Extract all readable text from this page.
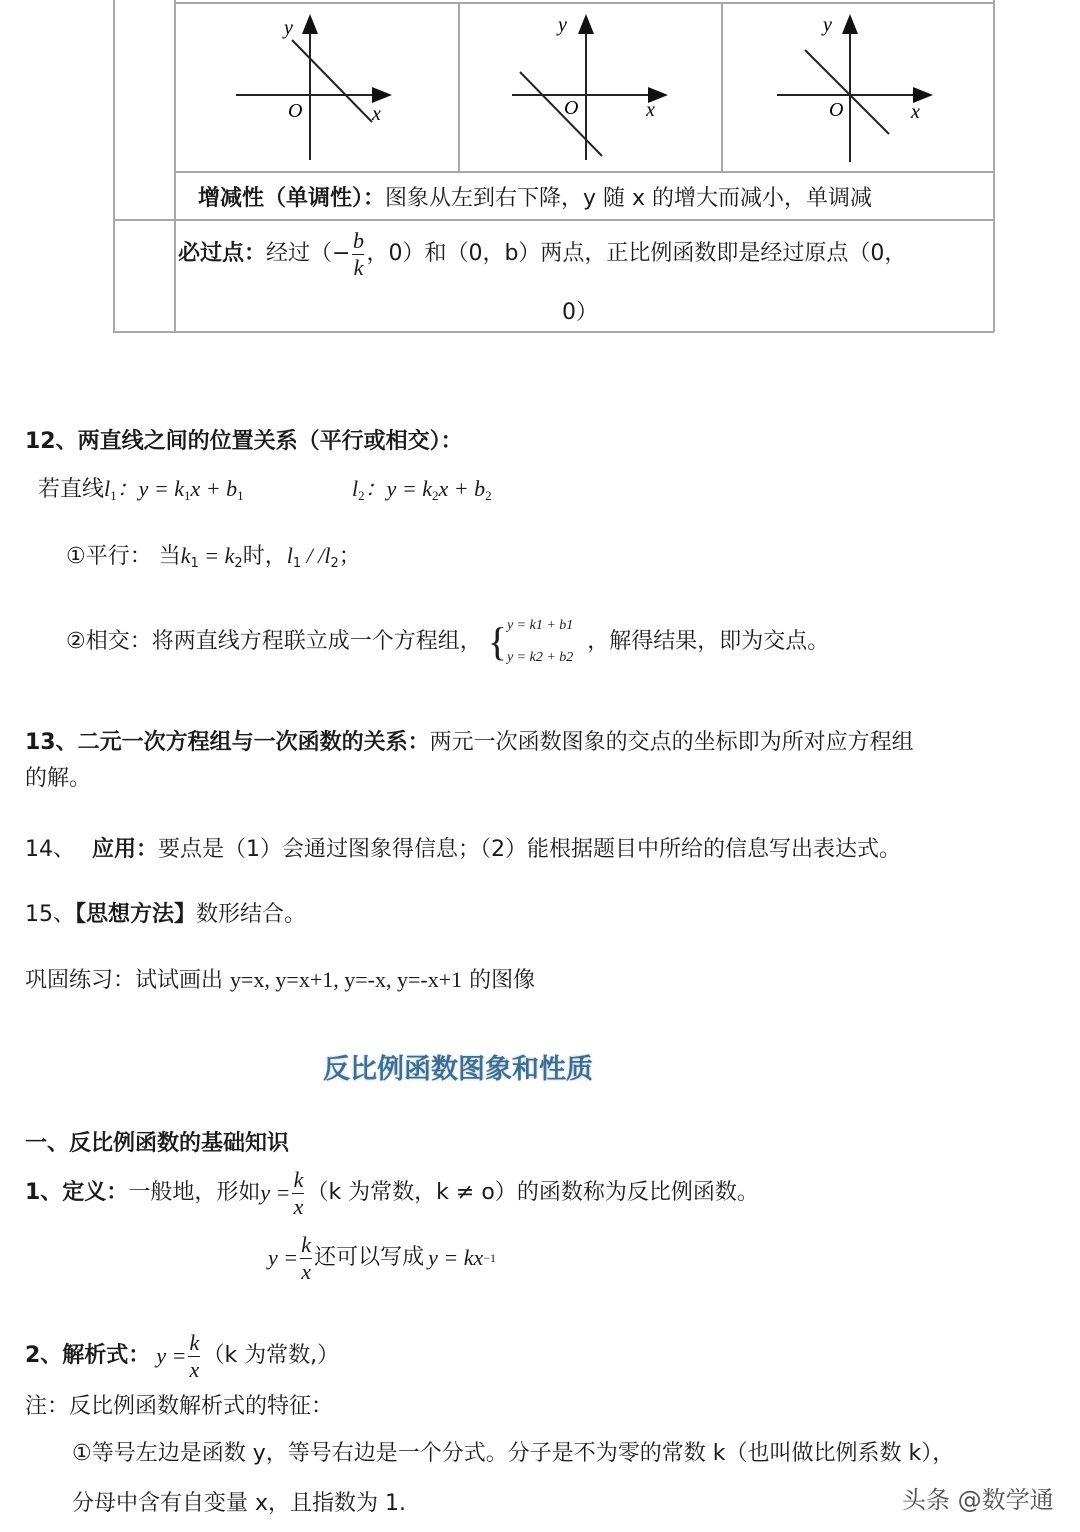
y
O	x
y
O	x
y
O	x
增减性（单调性）：图象从左到右下降，y 随 x 的增大而减小，单调减
必过点： 经过（− $\frac{b}{k}$ ，0）和（0，b）两点，正比例函数即是经过原点（0，
0）
12、两直线之间的位置关系（平行或相交）：
若直线$l_1$：$y = k_1x + b_1$	$l_2$：$y = k_2x + b_2$
①平行： 当$k_1 = k_2$时，$l_1 / /l_2$；
②相交： 将两直线方程联立成一个方程组， { y = k1 + b1
y = k2 + b2
，解得结果，即为交点。
13、二元一次方程组与一次函数的关系：两元一次函数图象的交点的坐标即为所对应方程组
的解。
14、 应用：要点是（1）会通过图象得信息；（2）能根据题目中所给的信息写出表达式。
15、【思想方法】数形结合。
巩固练习：试试画出 y=x, y=x+1, y=-x, y=-x+1 的图像
反比例函数图象和性质
一、反比例函数的基础知识
1、定义： 一般地，形如 $y = \frac{k}{x} (k$ 为常数，k ≠ o） 的函数称为反比例函数。
$y = \frac{k}{x}$ 还可以写成 y = kx −1
2、解析式： $y = \frac{k}{x} (k$ 为常数,）
注：反比例函数解析式的特征：
①等号左边是函数 y，等号右边是一个分式。分子是不为零的常数 k（也叫做比例系数 k），
分母中含有自变量 x，且指数为 1.	头条 @数学通
